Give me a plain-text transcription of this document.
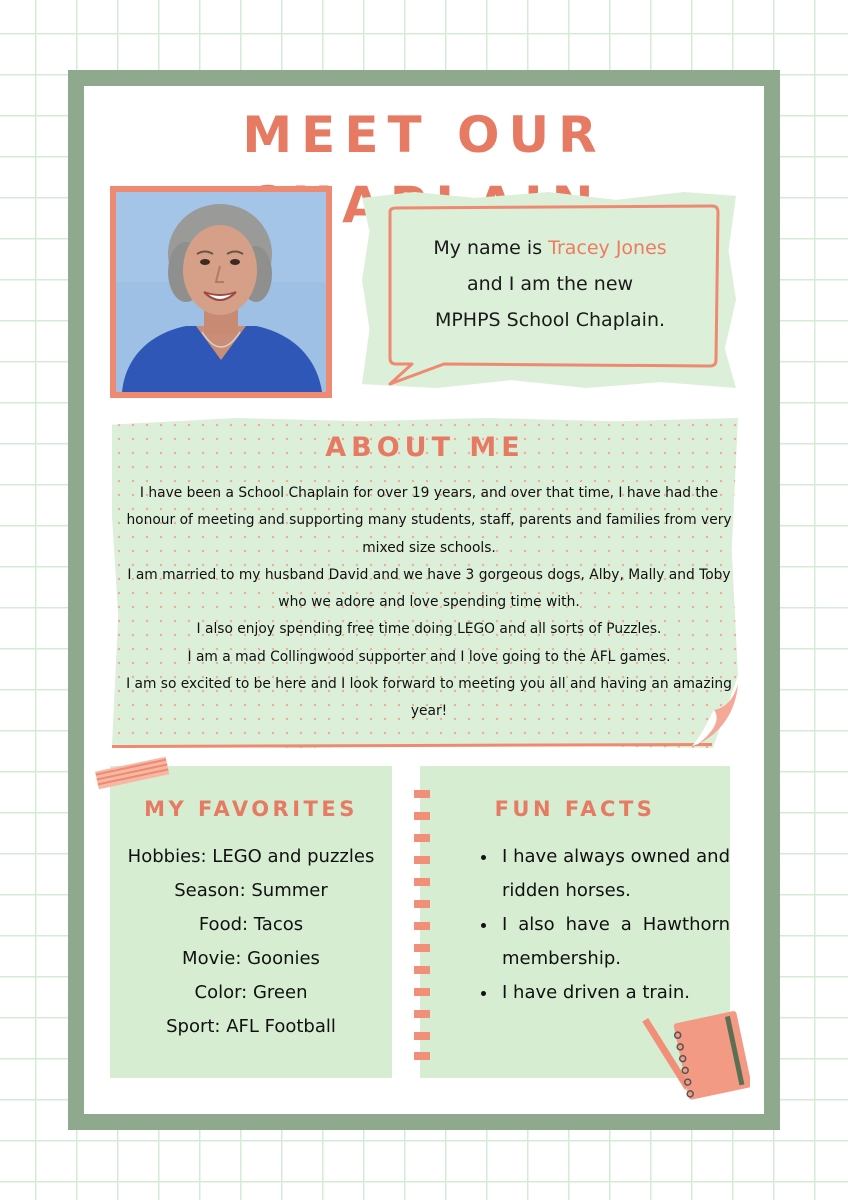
MEET OUR
My name is Tracey Jones
and I am the new
MPHPS School Chaplain.
ABOUT ME

I have been a School Chaplain for over 19 years, and over that time, I have had the honour of meeting and supporting many students, staff, parents and families from very mixed size schools.

I am married to my husband David and we have 3 gorgeous dogs, Alby, Mally and Toby who we adore and love spending time with.

I also enjoy spending free time doing LEGO and all sorts of Puzzles.

I am a mad Collingwood supporter and I love going to the AFL games.

I am so excited to be here and I look forward to meeting you all and having an amazing year!

MY FAVORITES
Hobbies: LEGO and puzzles
Season: Summer
Food: Tacos
Movie: Goonies
Color: Green
Sport: AFL Football
FUN FACTS
• I have always owned and ridden horses.
• I also have a Hawthorn membership.
• I have driven a train.
